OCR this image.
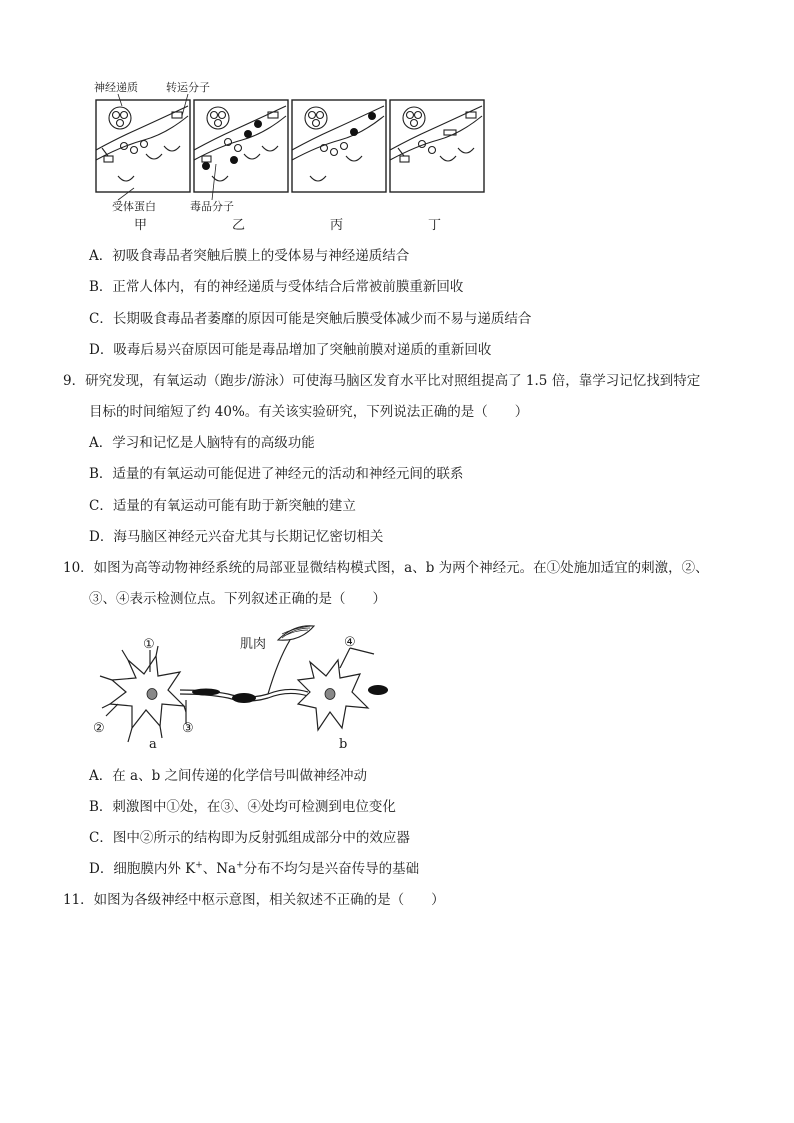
神经递质	转运分子
受体蛋白	毒品分子
甲	乙	丙	丁
A．初吸食毒品者突触后膜上的受体易与神经递质结合
B．正常人体内，有的神经递质与受体结合后常被前膜重新回收
C．长期吸食毒品者萎靡的原因可能是突触后膜受体减少而不易与递质结合
D．吸毒后易兴奋原因可能是毒品增加了突触前膜对递质的重新回收
9．研究发现，有氧运动（跑步/游泳）可使海马脑区发育水平比对照组提高了 1.5 倍，靠学习记忆找到特定
目标的时间缩短了约 40%。有关该实验研究，下列说法正确的是（　　）
A．学习和记忆是人脑特有的高级功能
B．适量的有氧运动可能促进了神经元的活动和神经元间的联系
C．适量的有氧运动可能有助于新突触的建立
D．海马脑区神经元兴奋尤其与长期记忆密切相关
10．如图为高等动物神经系统的局部亚显微结构模式图，a、b 为两个神经元。在①处施加适宜的刺激，②、
③、④表示检测位点。下列叙述正确的是（　　）
肌肉
①
②	③
④
a	b
A．在 a、b 之间传递的化学信号叫做神经冲动
B．刺激图中①处，在③、④处均可检测到电位变化
C．图中②所示的结构即为反射弧组成部分中的效应器
D．细胞膜内外 K+、Na+分布不均匀是兴奋传导的基础
11．如图为各级神经中枢示意图，相关叙述不正确的是（　　）
